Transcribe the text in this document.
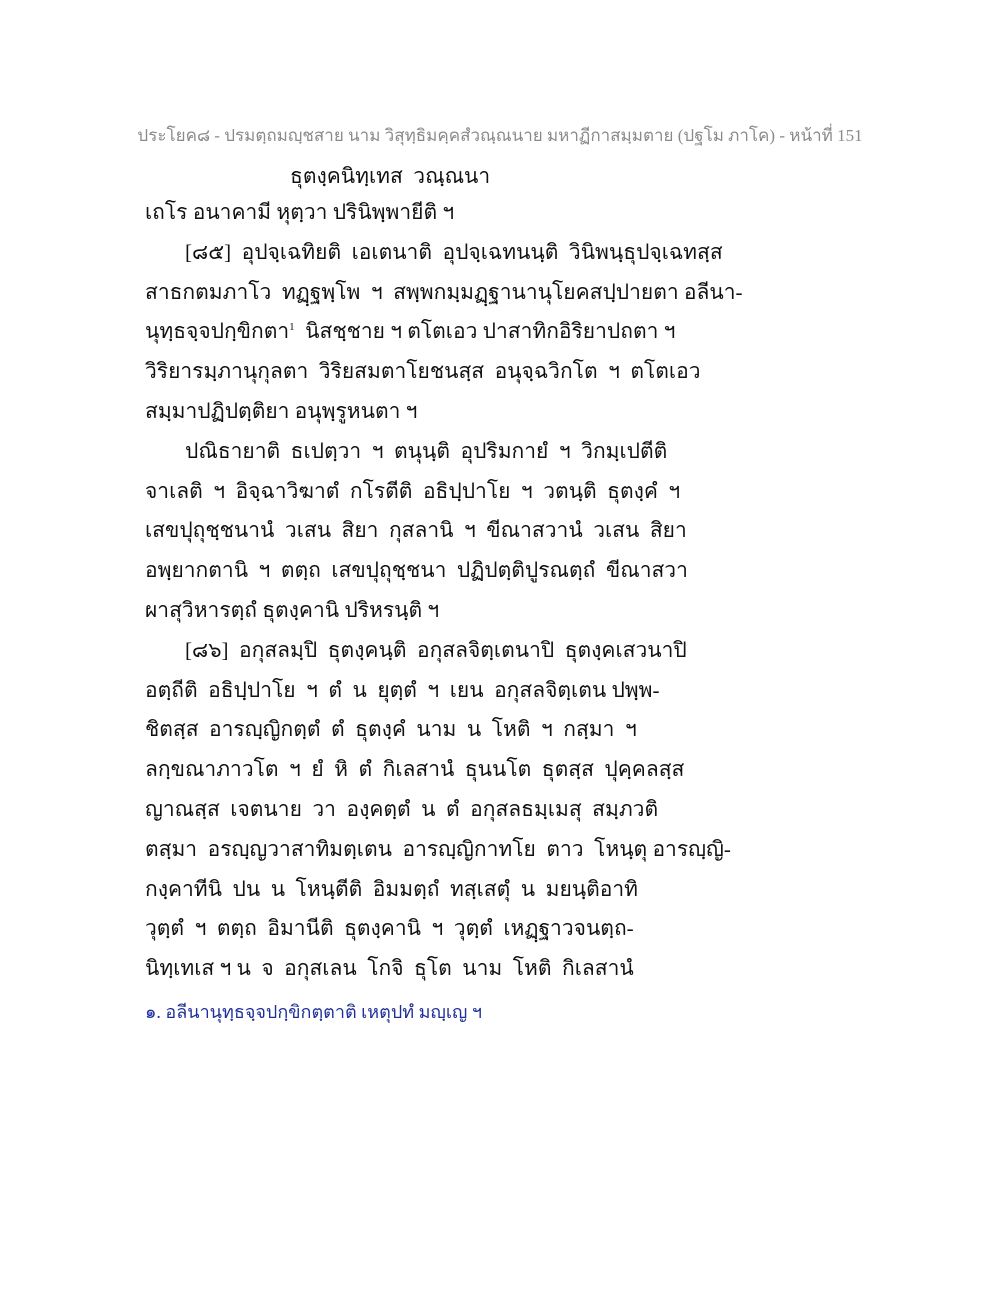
ประโยค๘ - ปรมตฺถมญฺชสาย นาม วิสุทฺธิมคฺคสํวณฺณนาย มหาฏีกาสมฺมตาย (ปฐโม ภาโค) - หน้าที่ 151
ธุตงฺคนิทฺเทส  วณฺณนา
เถโร อนาคามี หุตฺวา ปรินิพฺพายีติ ฯ
[๘๕]  อุปจฺเฉทิยติ  เอเตนาติ  อุปจฺเฉทนนฺติ  วินิพนฺธุปจฺเฉทสฺส
สาธกตมภาโว  ทฏฺฐพฺโพ  ฯ  สพฺพกมฺมฏฺฐานานุโยคสปฺปายตา อลีนา-
นุทฺธจฺจปกฺขิกตา$^1$  นิสชฺชาย ฯ ตโตเอว ปาสาทิกอิริยาปถตา ฯ
วิริยารมฺภานุกุลตา  วิริยสมตาโยชนสฺส  อนุจฺฉวิกโต  ฯ  ตโตเอว
สมฺมาปฏิปตฺติยา อนุพฺรูหนตา ฯ
ปณิธายาติ  ธเปตฺวา  ฯ  ตนุนฺติ  อุปริมกายํ  ฯ  วิกมฺเปตีติ
จาเลติ  ฯ  อิจฺฉาวิฆาตํ  กโรตีติ  อธิปฺปาโย  ฯ  วตนฺติ  ธุตงฺคํ  ฯ
เสขปุถุชฺชนานํ  วเสน  สิยา  กุสลานิ  ฯ  ขีณาสวานํ  วเสน  สิยา
อพฺยากตานิ  ฯ  ตตฺถ  เสขปุถุชฺชนา  ปฏิปตฺติปูรณตฺถํ  ขีณาสวา
ผาสุวิหารตฺถํ ธุตงฺคานิ ปริหรนฺติ ฯ
[๘๖]  อกุสลมฺปิ  ธุตงฺคนฺติ  อกุสลจิตฺเตนาปิ  ธุตงฺคเสวนาปิ
อตฺถีติ  อธิปฺปาโย  ฯ  ตํ  น  ยุตฺตํ  ฯ  เยน  อกุสลจิตฺเตน ปพฺพ-
ชิตสฺส  อารญฺญิกตฺตํ  ตํ  ธุตงฺคํ  นาม  น  โหติ  ฯ  กสฺมา  ฯ
ลกฺขณาภาวโต  ฯ  ยํ  หิ  ตํ  กิเลสานํ  ธุนนโต  ธุตสฺส  ปุคฺคลสฺส
ญาณสฺส  เจตนาย  วา  องฺคตฺตํ  น  ตํ  อกุสลธมฺเมสุ  สมฺภวติ
ตสฺมา  อรญฺญวาสาทิมตฺเตน  อารญฺญิกาทโย  ตาว  โหนฺตุ อารญฺญิ-
กงฺคาทีนิ  ปน  น  โหนฺตีติ  อิมมตฺถํ  ทสฺเสตุํ  น  มยนฺติอาทิ
วุตฺตํ  ฯ  ตตฺถ  อิมานีติ  ธุตงฺคานิ  ฯ  วุตฺตํ  เหฏฺฐาวจนตฺถ-
นิทฺเทเส ฯ น  จ  อกุสเลน  โกจิ  ธุโต  นาม  โหติ  กิเลสานํ
๑. อลีนานุทฺธจฺจปกฺขิกตฺตาติ เหตุปทํ มญฺเญ ฯ
